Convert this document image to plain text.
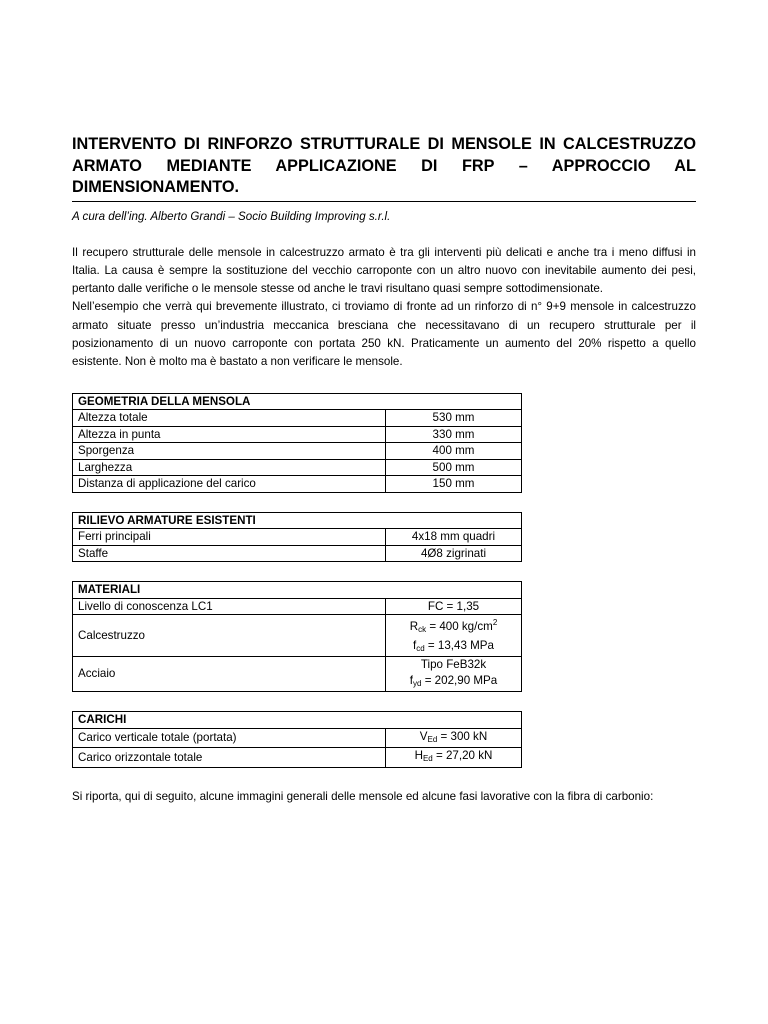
INTERVENTO DI RINFORZO STRUTTURALE DI MENSOLE IN CALCESTRUZZO ARMATO MEDIANTE APPLICAZIONE DI FRP – APPROCCIO AL DIMENSIONAMENTO.
A cura dell’ing. Alberto Grandi – Socio Building Improving s.r.l.

Il recupero strutturale delle mensole in calcestruzzo armato è tra gli interventi più delicati e anche tra i meno diffusi in Italia. La causa è sempre la sostituzione del vecchio carroponte con un altro nuovo con inevitabile aumento dei pesi, pertanto dalle verifiche o le mensole stesse od anche le travi risultano quasi sempre sottodimensionate.

Nell’esempio che verrà qui brevemente illustrato, ci troviamo di fronte ad un rinforzo di n° 9+9 mensole in calcestruzzo armato situate presso un’industria meccanica bresciana che necessitavano di un recupero strutturale per il posizionamento di un nuovo carroponte con portata 250 kN. Praticamente un aumento del 20% rispetto a quello esistente. Non è molto ma è bastato a non verificare le mensole.

GEOMETRIA DELLA MENSOLA	
Altezza totale	530 mm
Altezza in punta	330 mm
Sporgenza	400 mm
Larghezza	500 mm
Distanza di applicazione del carico	150 mm
RILIEVO ARMATURE ESISTENTI	
Ferri principali	4x18 mm quadri
Staffe	4Ø8 zigrinati
MATERIALI	
Livello di conoscenza LC1	FC = 1,35
Calcestruzzo	$R_{ck} = 400$ $kg/cm^2$
$f_{cd} = 13,43$ MPa

Acciaio	Tipo FeB32k
$f_{yd} = 202,90$ MPa
CARICHI	
Carico verticale totale (portata)	$V_{Ed} = 300$ kN
Carico orizzontale totale	$H_{Ed} = 27,20$ kN

Si riporta, qui di seguito, alcune immagini generali delle mensole ed alcune fasi lavorative con la fibra di carbonio:
